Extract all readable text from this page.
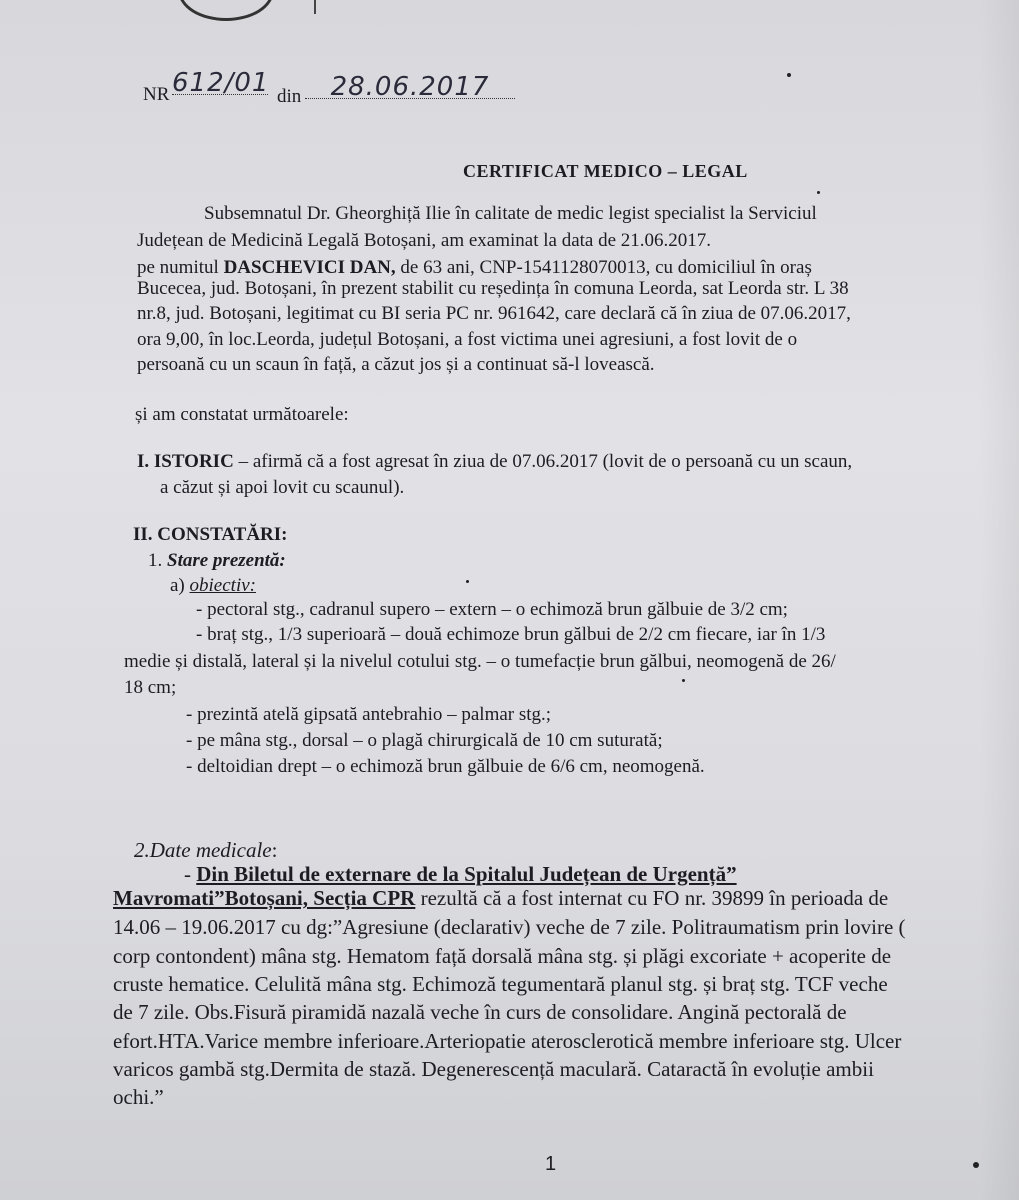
NR 612/01 din	28.06.2017
CERTIFICAT MEDICO – LEGAL
Subsemnatul Dr. Gheorghiță Ilie în calitate de medic legist specialist la Serviciul
Județean de Medicină Legală Botoșani, am examinat la data de 21.06.2017.
pe numitul DASCHEVICI DAN, de 63 ani, CNP-1541128070013, cu domiciliul în oraș
Bucecea, jud. Botoșani, în prezent stabilit cu reședința în comuna Leorda, sat Leorda str. L 38
nr.8, jud. Botoșani, legitimat cu BI seria PC nr. 961642, care declară că în ziua de 07.06.2017,
ora 9,00, în loc.Leorda, județul Botoșani, a fost victima unei agresiuni, a fost lovit de o
persoană cu un scaun în față, a căzut jos și a continuat să-l lovească.
și am constatat următoarele:
I. ISTORIC – afirmă că a fost agresat în ziua de 07.06.2017 (lovit de o persoană cu un scaun,
a căzut și apoi lovit cu scaunul).
II. CONSTATĂRI:
1. Stare prezentă:
a) obiectiv:
- pectoral stg., cadranul supero – extern – o echimoză brun gălbuie de 3/2 cm;
- braț stg., 1/3 superioară – două echimoze brun gălbui de 2/2 cm fiecare, iar în 1/3
medie și distală, lateral și la nivelul cotului stg. – o tumefacție brun gălbui, neomogenă de 26/
18 cm;
- prezintă atelă gipsată antebrahio – palmar stg.;
- pe mâna stg., dorsal – o plagă chirurgicală de 10 cm suturată;
- deltoidian drept – o echimoză brun gălbuie de 6/6 cm, neomogenă.
2.Date medicale:
- Din Biletul de externare de la Spitalul Județean de Urgență”
Mavromati”Botoșani, Secția CPR rezultă că a fost internat cu FO nr. 39899 în perioada de
14.06 – 19.06.2017 cu dg:”Agresiune (declarativ) veche de 7 zile. Politraumatism prin lovire (
corp contondent) mâna stg. Hematom față dorsală mâna stg. și plăgi excoriate + acoperite de
cruste hematice. Celulită mâna stg. Echimoză tegumentară planul stg. și braț stg. TCF veche
de 7 zile. Obs.Fisură piramidă nazală veche în curs de consolidare. Angină pectorală de
efort.HTA.Varice membre inferioare.Arteriopatie aterosclerotică membre inferioare stg. Ulcer
varicos gambă stg.Dermita de stază. Degenerescență maculară. Cataractă în evoluție ambii
ochi.”
1
